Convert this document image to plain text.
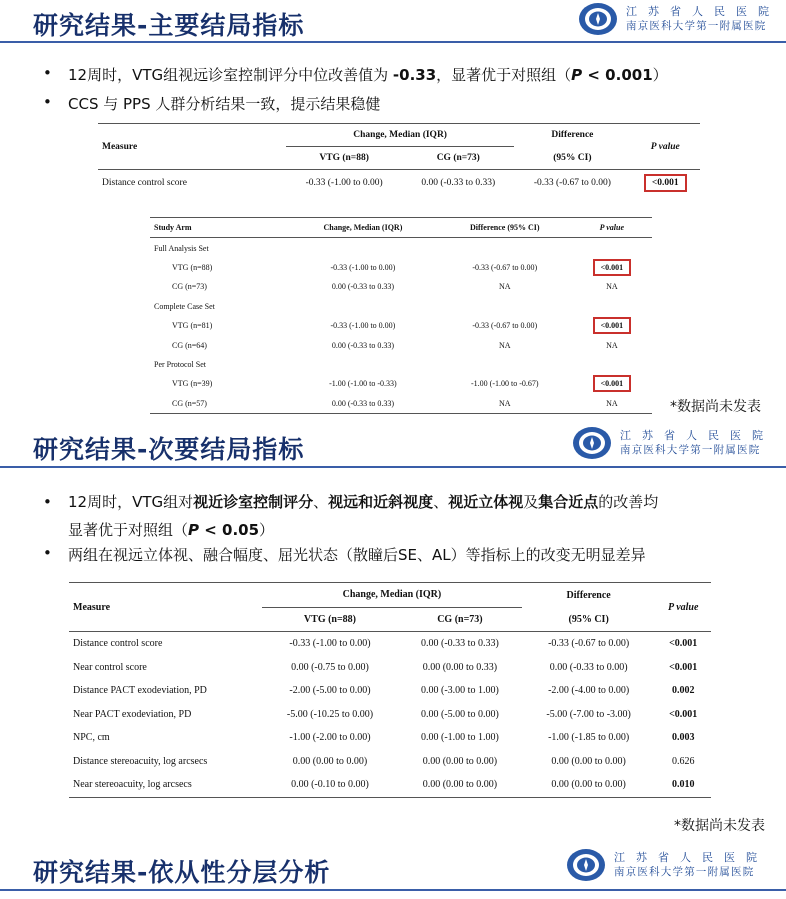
研究结果-主要结局指标	江苏省人民医院
南京医科大学第一附属医院
• 12周时，VTG组视远诊室控制评分中位改善值为 -0.33，显著优于对照组（P < 0.001）
• CCS 与 PPS 人群分析结果一致，提示结果稳健
Measure	Change, Median (IQR)		Difference	P value
	VTG (n=88)	CG (n=73)	(95% CI)	
Distance control score	-0.33 (-1.00 to 0.00)	0.00 (-0.33 to 0.33)	-0.33 (-0.67 to 0.00)	<0.001
Study Arm	Change, Median (IQR)	Difference (95% CI)	P value
Full Analysis Set			
VTG (n=88)	-0.33 (-1.00 to 0.00)	-0.33 (-0.67 to 0.00)	<0.001
CG (n=73)	0.00 (-0.33 to 0.33)	NA	NA
Complete Case Set			
VTG (n=81)	-0.33 (-1.00 to 0.00)	-0.33 (-0.67 to 0.00)	<0.001
CG (n=64)	0.00 (-0.33 to 0.33)	NA	NA
Per Protocol Set			
VTG (n=39)	-1.00 (-1.00 to -0.33)	-1.00 (-1.00 to -0.67)	<0.001
CG (n=57)	0.00 (-0.33 to 0.33)	NA	NA	*数据尚未发表
研究结果-次要结局指标	江苏省人民医院
南京医科大学第一附属医院
• 12周时，VTG组对视近诊室控制评分、视远和近斜视度、视近立体视及集合近点的改善均
显著优于对照组（P < 0.05）
• 两组在视远立体视、融合幅度、屈光状态（散瞳后SE、AL）等指标上的改变无明显差异
*数据尚未发表
Measure	Change, Median (IQR)		Difference	P value
	VTG (n=88)	CG (n=73)	(95% CI)	
Distance control score	-0.33 (-1.00 to 0.00)	0.00 (-0.33 to 0.33)	-0.33 (-0.67 to 0.00)	<0.001
Near control score	0.00 (-0.75 to 0.00)	0.00 (0.00 to 0.33)	0.00 (-0.33 to 0.00)	<0.001
Distance PACT exodeviation, PD	-2.00 (-5.00 to 0.00)	0.00 (-3.00 to 1.00)	-2.00 (-4.00 to 0.00)	0.002
Near PACT exodeviation, PD	-5.00 (-10.25 to 0.00)	0.00 (-5.00 to 0.00)	-5.00 (-7.00 to -3.00)	<0.001
NPC, cm	-1.00 (-2.00 to 0.00)	0.00 (-1.00 to 1.00)	-1.00 (-1.85 to 0.00)	0.003
Distance stereoacuity, log arcsecs	0.00 (0.00 to 0.00)	0.00 (0.00 to 0.00)	0.00 (0.00 to 0.00)	0.626
Near stereoacuity, log arcsecs	0.00 (-0.10 to 0.00)	0.00 (0.00 to 0.00)	0.00 (0.00 to 0.00)	0.010
研究结果-依从性分层分析
江苏省人民医院
南京医科大学第一附属医院
